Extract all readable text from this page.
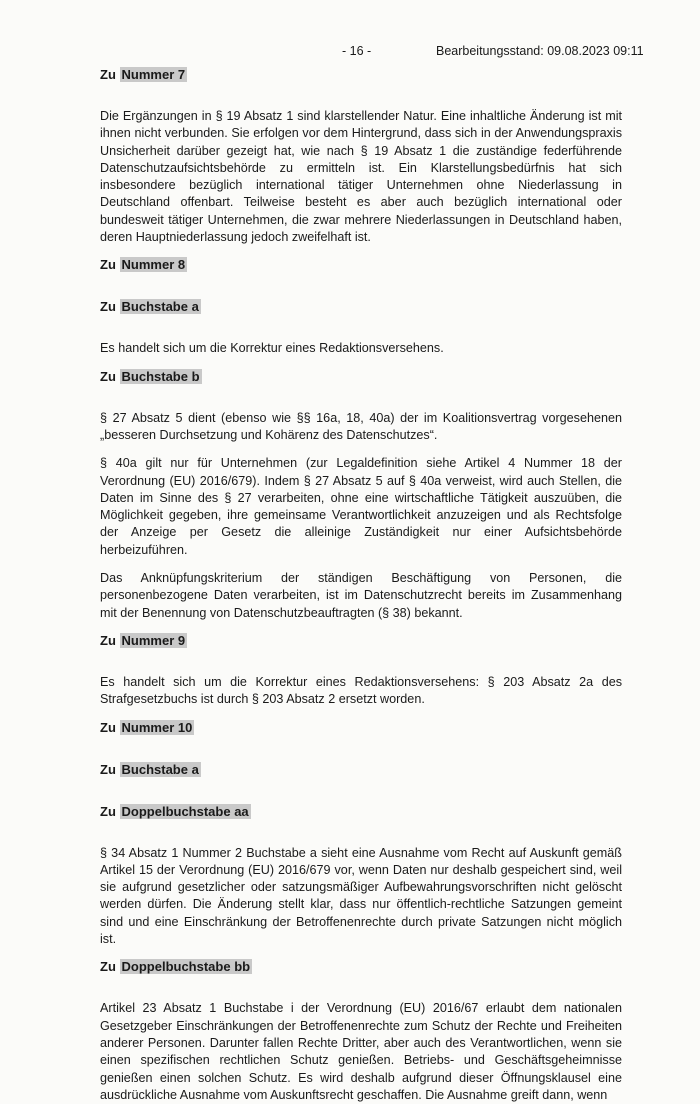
- 16 -	Bearbeitungsstand: 09.08.2023 09:11
Zu Nummer 7

Die Ergänzungen in § 19 Absatz 1 sind klarstellender Natur. Eine inhaltliche Änderung ist mit ihnen nicht verbunden. Sie erfolgen vor dem Hintergrund, dass sich in der Anwendungspraxis Unsicherheit darüber gezeigt hat, wie nach § 19 Absatz 1 die zuständige federführende Datenschutzaufsichtsbehörde zu ermitteln ist. Ein Klarstellungsbedürfnis hat sich insbesondere bezüglich international tätiger Unternehmen ohne Niederlassung in Deutschland offenbart. Teilweise besteht es aber auch bezüglich international oder bundesweit tätiger Unternehmen, die zwar mehrere Niederlassungen in Deutschland haben, deren Hauptniederlassung jedoch zweifelhaft ist.

Zu Nummer 8
Zu Buchstabe a

Es handelt sich um die Korrektur eines Redaktionsversehens.

Zu Buchstabe b

§ 27 Absatz 5 dient (ebenso wie §§ 16a, 18, 40a) der im Koalitionsvertrag vorgesehenen „besseren Durchsetzung und Kohärenz des Datenschutzes“.

§ 40a gilt nur für Unternehmen (zur Legaldefinition siehe Artikel 4 Nummer 18 der Verordnung (EU) 2016/679). Indem § 27 Absatz 5 auf § 40a verweist, wird auch Stellen, die Daten im Sinne des § 27 verarbeiten, ohne eine wirtschaftliche Tätigkeit auszuüben, die Möglichkeit gegeben, ihre gemeinsame Verantwortlichkeit anzuzeigen und als Rechtsfolge der Anzeige per Gesetz die alleinige Zuständigkeit nur einer Aufsichtsbehörde herbeizuführen.

Das Anknüpfungskriterium der ständigen Beschäftigung von Personen, die personenbezogene Daten verarbeiten, ist im Datenschutzrecht bereits im Zusammenhang mit der Benennung von Datenschutzbeauftragten (§ 38) bekannt.

Zu Nummer 9

Es handelt sich um die Korrektur eines Redaktionsversehens: § 203 Absatz 2a des Strafgesetzbuchs ist durch § 203 Absatz 2 ersetzt worden.

Zu Nummer 10
Zu Buchstabe a
Zu Doppelbuchstabe aa

§ 34 Absatz 1 Nummer 2 Buchstabe a sieht eine Ausnahme vom Recht auf Auskunft gemäß Artikel 15 der Verordnung (EU) 2016/679 vor, wenn Daten nur deshalb gespeichert sind, weil sie aufgrund gesetzlicher oder satzungsmäßiger Aufbewahrungsvorschriften nicht gelöscht werden dürfen. Die Änderung stellt klar, dass nur öffentlich-rechtliche Satzungen gemeint sind und eine Einschränkung der Betroffenenrechte durch private Satzungen nicht möglich ist.

Zu Doppelbuchstabe bb

Artikel 23 Absatz 1 Buchstabe i der Verordnung (EU) 2016/67 erlaubt dem nationalen Gesetzgeber Einschränkungen der Betroffenenrechte zum Schutz der Rechte und Freiheiten anderer Personen. Darunter fallen Rechte Dritter, aber auch des Verantwortlichen, wenn sie einen spezifischen rechtlichen Schutz genießen. Betriebs- und Geschäftsgeheimnisse genießen einen solchen Schutz. Es wird deshalb aufgrund dieser Öffnungsklausel eine ausdrückliche Ausnahme vom Auskunftsrecht geschaffen. Die Ausnahme greift dann, wenn
